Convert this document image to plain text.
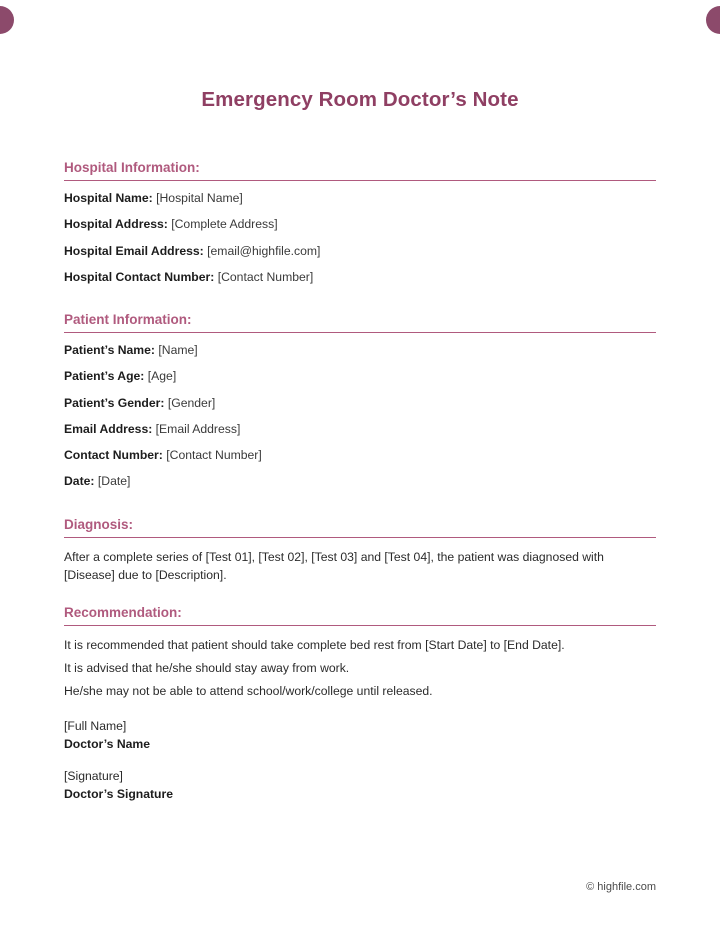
Emergency Room Doctor’s Note
Hospital Information:

Hospital Name: [Hospital Name]

Hospital Address: [Complete Address]

Hospital Email Address: [email@highfile.com]

Hospital Contact Number: [Contact Number]

Patient Information:

Patient’s Name: [Name]

Patient’s Age: [Age]

Patient’s Gender: [Gender]

Email Address: [Email Address]

Contact Number: [Contact Number]

Date: [Date]

Diagnosis:

After a complete series of [Test 01], [Test 02], [Test 03] and [Test 04], the patient was diagnosed with [Disease] due to [Description].

Recommendation:

It is recommended that patient should take complete bed rest from [Start Date] to [End Date].

It is advised that he/she should stay away from work.

He/she may not be able to attend school/work/college until released.

[Full Name]

Doctor’s Name

[Signature]

Doctor’s Signature

© highfile.com
